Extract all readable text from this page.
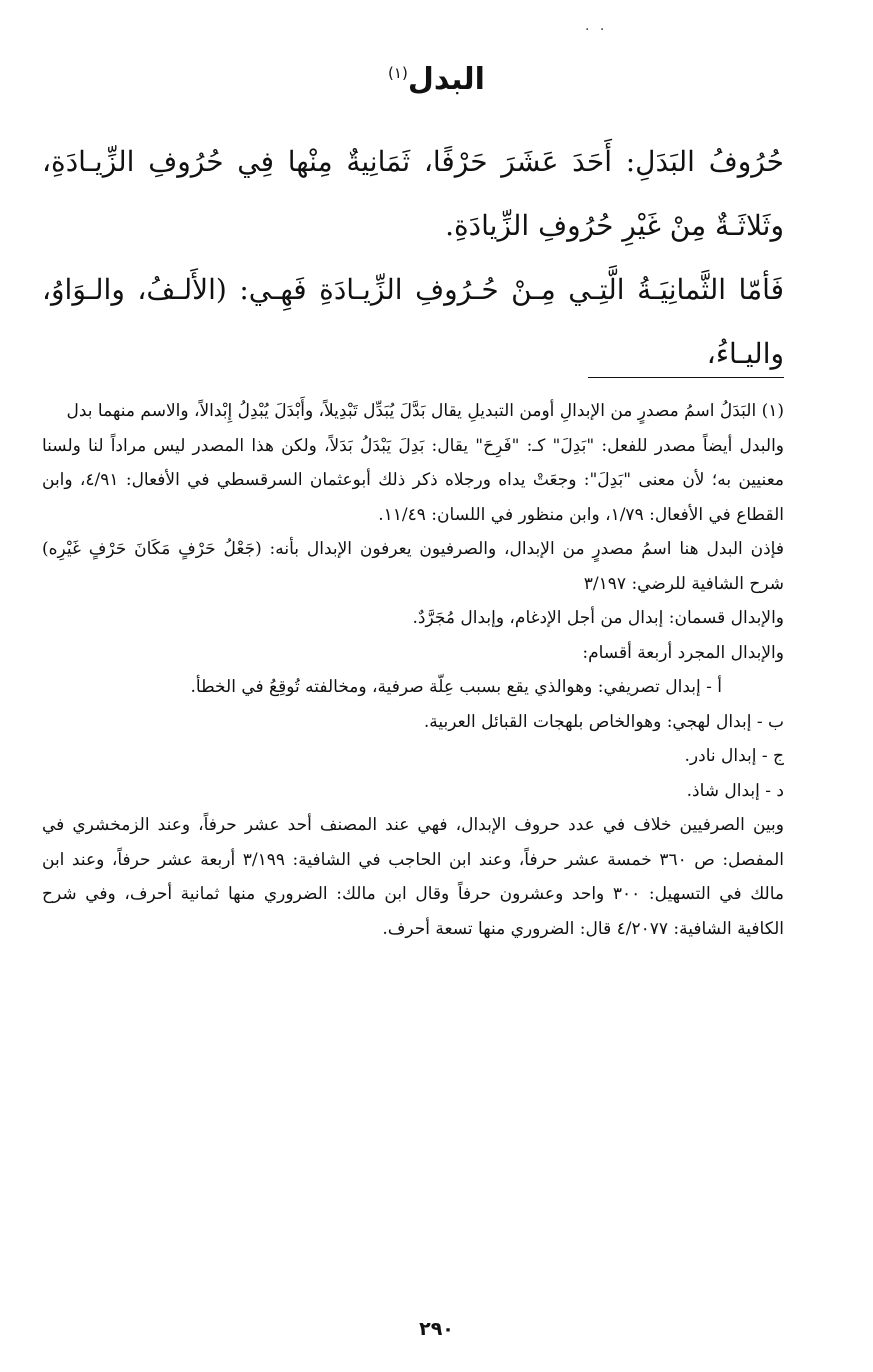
. .
البدل$^{(١)}$

حُرُوفُ البَدَلِ: أَحَدَ عَشَرَ حَرْفًا، ثَمَانِيةٌ مِنْها فِي حُرُوفِ الزِّيـادَةِ، وثَلاثَـةٌ مِنْ غَيْرِ حُرُوفِ الزِّيادَةِ.

فَأمّا الثَّمانِيَـةُ الَّتِـي مِـنْ حُـرُوفِ الزِّيـادَةِ فَهِـي: (الأَلـفُ، والـوَاوُ، واليـاءُ،

(١) البَدَلُ اسمُ مصدرٍ من الإبدالِ أومن التبديلِ يقال بَدَّلَ يُبَدِّل تَبْدِيلاً، وأَبْدَلَ يُبْدِلُ إِبْدالاً، والاسم منهما بدل

والبدل أيضاً مصدر للفعل: "بَدِلَ" كـ: "فَرِحَ" يقال: بَدِلَ يَبْدَلُ بَدَلاً، ولكن هذا المصدر ليس مراداً لنا ولسنا معنيين به؛ لأن معنى "بَدِلَ": وجعَتْ يداه ورجلاه ذكر ذلك أبوعثمان السرقسطي في الأفعال: ٤/٩١، وابن القطاع في الأفعال: ١/٧٩، وابن منظور في اللسان: ١١/٤٩.

فإذن البدل هنا اسمُ مصدرٍ من الإبدال، والصرفيون يعرفون الإبدال بأنه: (جَعْلُ حَرْفٍ مَكَانَ حَرْفٍ غَيْرِه) شرح الشافية للرضي: ٣/١٩٧

والإبدال قسمان: إبدال من أجل الإدغام، وإبدال مُجَرَّدٌ.

والإبدال المجرد أربعة أقسام:

أ - إبدال تصريفي: وهوالذي يقع بسبب عِلّة صرفية، ومخالفته تُوقِعُ في الخطأ.

ب - إبدال لهجي: وهوالخاص بلهجات القبائل العربية.

ج - إبدال نادر.

د - إبدال شاذ.

وبين الصرفيين خلاف في عدد حروف الإبدال، فهي عند المصنف أحد عشر حرفاً، وعند الزمخشري في المفصل: ص ٣٦٠ خمسة عشر حرفاً، وعند ابن الحاجب في الشافية: ٣/١٩٩ أربعة عشر حرفاً، وعند ابن مالك في التسهيل: ٣٠٠ واحد وعشرون حرفاً وقال ابن مالك: الضروري منها ثمانية أحرف، وفي شرح الكافية الشافية: ٤/٢٠٧٧ قال: الضروري منها تسعة أحرف.

٢٩٠
